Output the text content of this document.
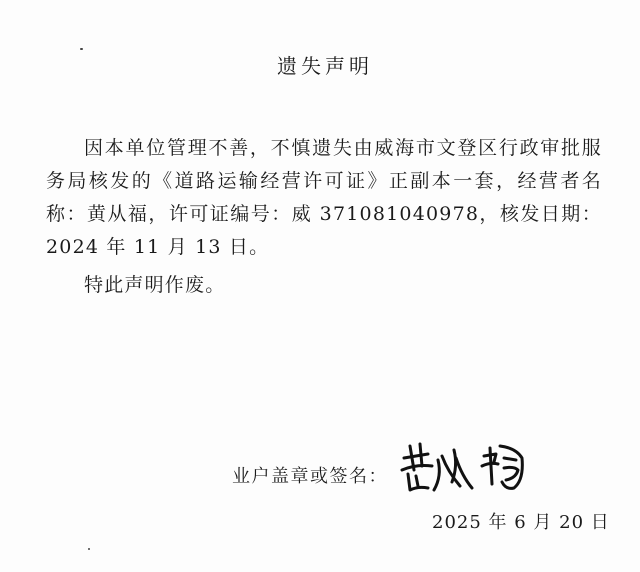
遗失声明

因本单位管理不善，不慎遗失由威海市文登区行政审批服务局核发的《道路运输经营许可证》正副本一套，经营者名称：黄从福，许可证编号：威 371081040978，核发日期：2024 年 11 月 13 日。

特此声明作废。

业户盖章或签名：
2025 年 6 月 20 日
